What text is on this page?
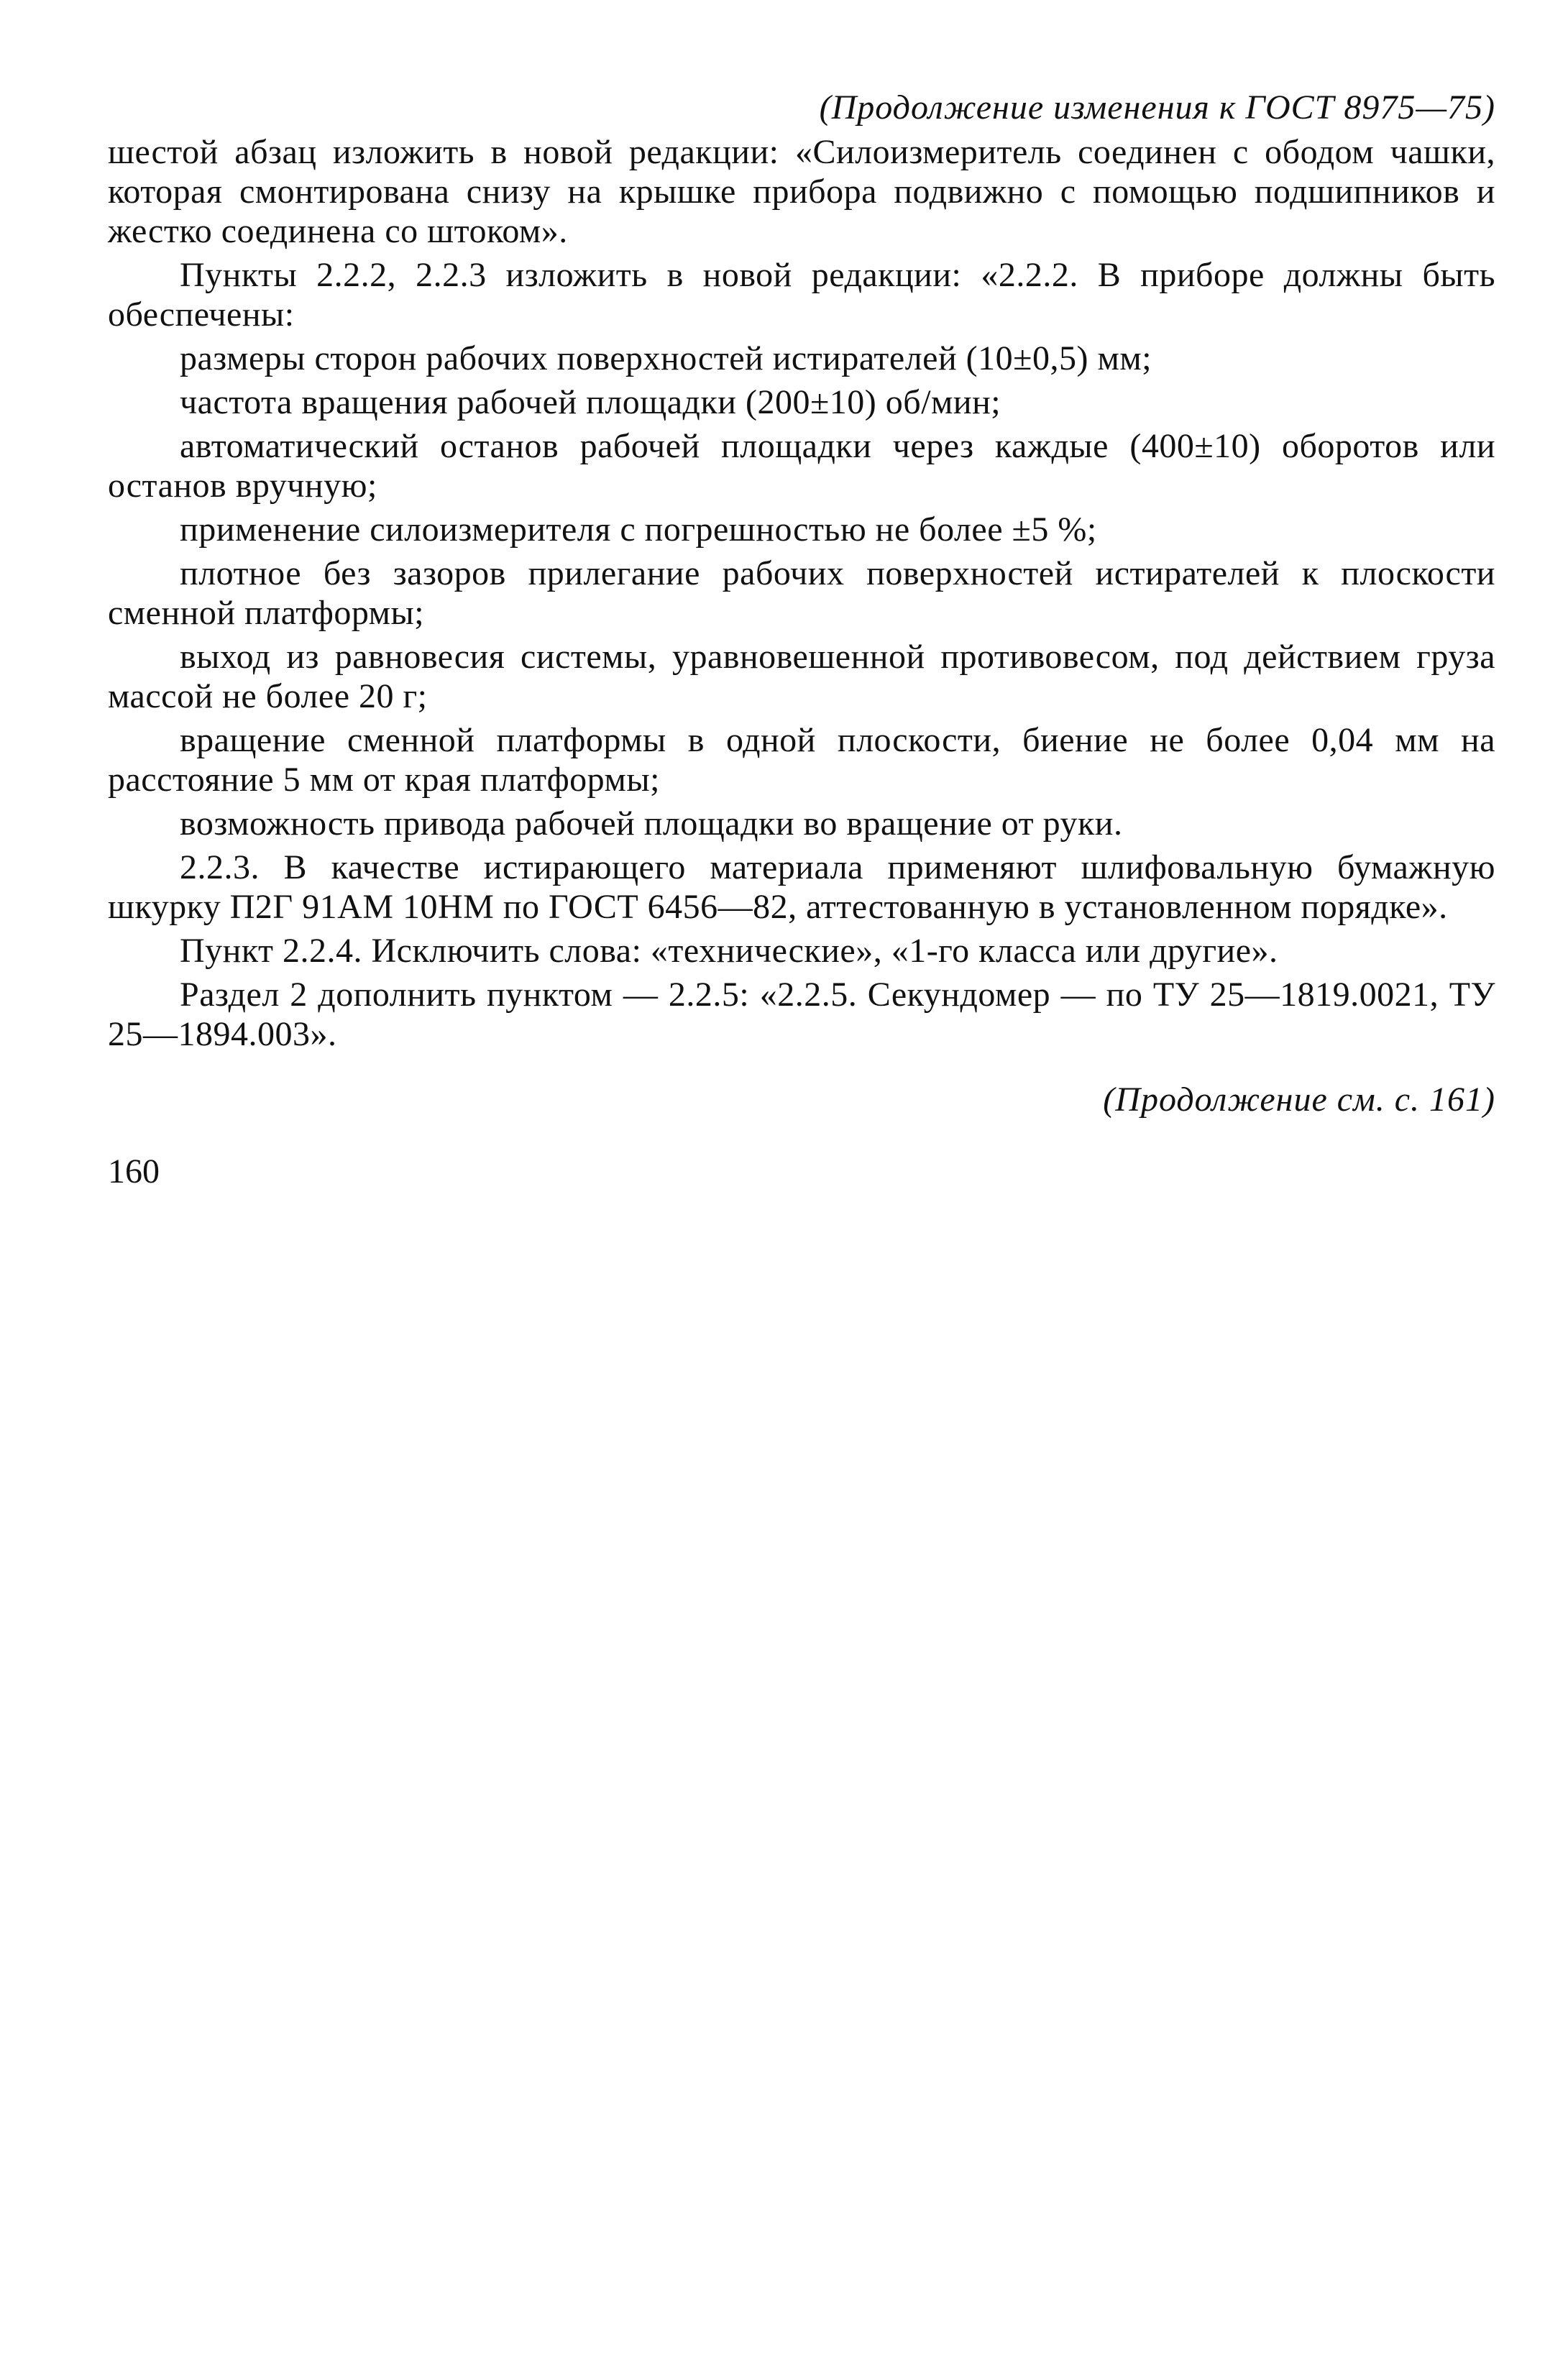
(Продолжение изменения к ГОСТ 8975—75)

шестой абзац изложить в новой редакции: «Силоизмеритель соединен с ободом чашки, которая смонтирована снизу на крышке прибора подвижно с помощью подшипников и жестко соединена со штоком».

Пункты 2.2.2, 2.2.3 изложить в новой редакции: «2.2.2. В приборе должны быть обеспечены:

размеры сторон рабочих поверхностей истирателей (10±0,5) мм;

частота вращения рабочей площадки (200±10) об/мин;

автоматический останов рабочей площадки через каждые (400±10) оборотов или останов вручную;

применение силоизмерителя с погрешностью не более ±5 %;

плотное без зазоров прилегание рабочих поверхностей истирателей к плоскости сменной платформы;

выход из равновесия системы, уравновешенной противовесом, под действием груза массой не более 20 г;

вращение сменной платформы в одной плоскости, биение не более 0,04 мм на расстояние 5 мм от края платформы;

возможность привода рабочей площадки во вращение от руки.

2.2.3. В качестве истирающего материала применяют шлифовальную бумажную шкурку П2Г 91АМ 10НМ по ГОСТ 6456—82, аттестованную в установленном порядке».

Пункт 2.2.4. Исключить слова: «технические», «1-го класса или другие».

Раздел 2 дополнить пунктом — 2.2.5: «2.2.5. Секундомер — по ТУ 25—1819.0021, ТУ 25—1894.003».

(Продолжение см. с. 161)
160
